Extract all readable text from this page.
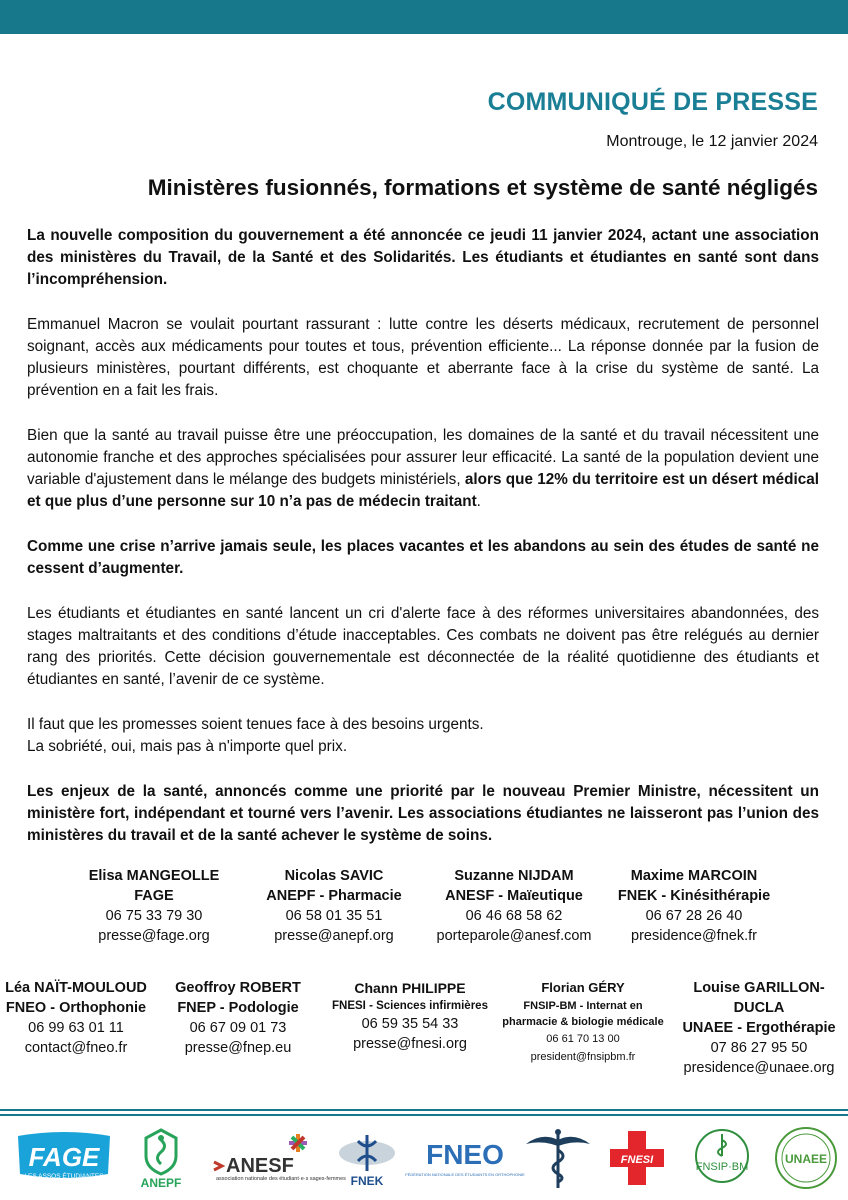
COMMUNIQUÉ DE PRESSE
Montrouge, le 12 janvier 2024
Ministères fusionnés, formations et système de santé négligés

La nouvelle composition du gouvernement a été annoncée ce jeudi 11 janvier 2024, actant une association des ministères du Travail, de la Santé et des Solidarités. Les étudiants et étudiantes en santé sont dans l’incompréhension.

Emmanuel Macron se voulait pourtant rassurant : lutte contre les déserts médicaux, recrutement de personnel soignant, accès aux médicaments pour toutes et tous, prévention efficiente... La réponse donnée par la fusion de plusieurs ministères, pourtant différents, est choquante et aberrante face à la crise du système de santé. La prévention en a fait les frais.

Bien que la santé au travail puisse être une préoccupation, les domaines de la santé et du travail nécessitent une autonomie franche et des approches spécialisées pour assurer leur efficacité. La santé de la population devient une variable d'ajustement dans le mélange des budgets ministériels, alors que 12% du territoire est un désert médical et que plus d’une personne sur 10 n’a pas de médecin traitant.

Comme une crise n’arrive jamais seule, les places vacantes et les abandons au sein des études de santé ne cessent d’augmenter.

Les étudiants et étudiantes en santé lancent un cri d'alerte face à des réformes universitaires abandonnées, des stages maltraitants et des conditions d’étude inacceptables. Ces combats ne doivent pas être relégués au dernier rang des priorités. Cette décision gouvernementale est déconnectée de la réalité quotidienne des étudiants et étudiantes en santé, l’avenir de ce système.

Il faut que les promesses soient tenues face à des besoins urgents.

La sobriété, oui, mais pas à n'importe quel prix.

Les enjeux de la santé, annoncés comme une priorité par le nouveau Premier Ministre, nécessitent un ministère fort, indépendant et tourné vers l’avenir. Les associations étudiantes ne laisseront pas l’union des ministères du travail et de la santé achever le système de soins.

Elisa MANGEOLLE
FAGE
06 75 33 79 30
presse@fage.org
Nicolas SAVIC
ANEPF - Pharmacie
06 58 01 35 51
presse@anepf.org
Suzanne NIJDAM
ANESF - Maïeutique
06 46 68 58 62
porteparole@anesf.com
Maxime MARCOIN
FNEK - Kinésithérapie
06 67 28 26 40
presidence@fnek.fr
Léa NAÏT-MOULOUD
FNEO - Orthophonie
06 99 63 01 11
contact@fneo.fr
Geoffroy ROBERT
FNEP - Podologie
06 67 09 01 73
presse@fnep.eu
Chann PHILIPPE
FNESI - Sciences infirmières
06 59 35 54 33
presse@fnesi.org
Florian GÉRY
FNSIP-BM - Internat en pharmacie & biologie médicale
06 61 70 13 00
president@fnsipbm.fr
Louise GARILLON-DUCLA
UNAEE - Ergothérapie
07 86 27 95 50
presidence@unaee.org
FAGE
LES ASSOS ÉTUDIANTES	ANEPF
ANESF
association nationale des étudiant·e·s sages-femmes FNEK
FNEO
FÉDÉRATION NATIONALE DES ÉTUDIANTS EN ORTHOPHONIE
FNESI
FNSIP·BM
UNAEE
